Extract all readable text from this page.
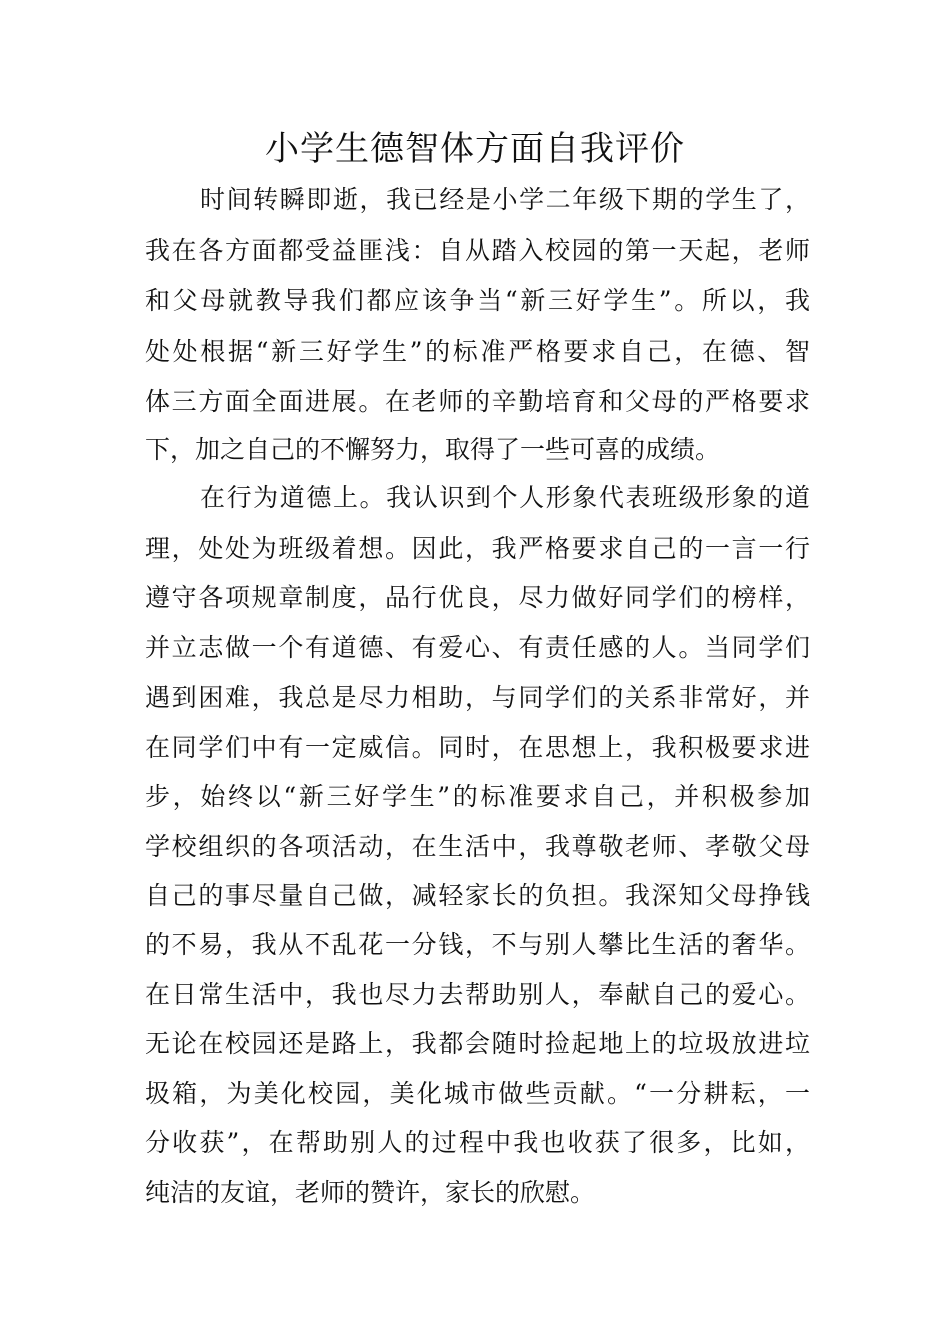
小学生德智体方面自我评价

时间转瞬即逝，我已经是小学二年级下期的学生了，

我在各方面都受益匪浅：自从踏入校园的第一天起，老师

和父母就教导我们都应该争当“新三好学生”。所以，我

处处根据“新三好学生”的标准严格要求自己，在德、智

体三方面全面进展。在老师的辛勤培育和父母的严格要求

下，加之自己的不懈努力，取得了一些可喜的成绩。

在行为道德上。我认识到个人形象代表班级形象的道

理，处处为班级着想。因此，我严格要求自己的一言一行

遵守各项规章制度，品行优良，尽力做好同学们的榜样，

并立志做一个有道德、有爱心、有责任感的人。当同学们

遇到困难，我总是尽力相助，与同学们的关系非常好，并

在同学们中有一定威信。同时，在思想上，我积极要求进

步，始终以“新三好学生”的标准要求自己，并积极参加

学校组织的各项活动，在生活中，我尊敬老师、孝敬父母

自己的事尽量自己做，减轻家长的负担。我深知父母挣钱

的不易，我从不乱花一分钱，不与别人攀比生活的奢华。

在日常生活中，我也尽力去帮助别人，奉献自己的爱心。

无论在校园还是路上，我都会随时捡起地上的垃圾放进垃

圾箱，为美化校园，美化城市做些贡献。“一分耕耘，一

分收获”，在帮助别人的过程中我也收获了很多，比如，

纯洁的友谊，老师的赞许，家长的欣慰。
